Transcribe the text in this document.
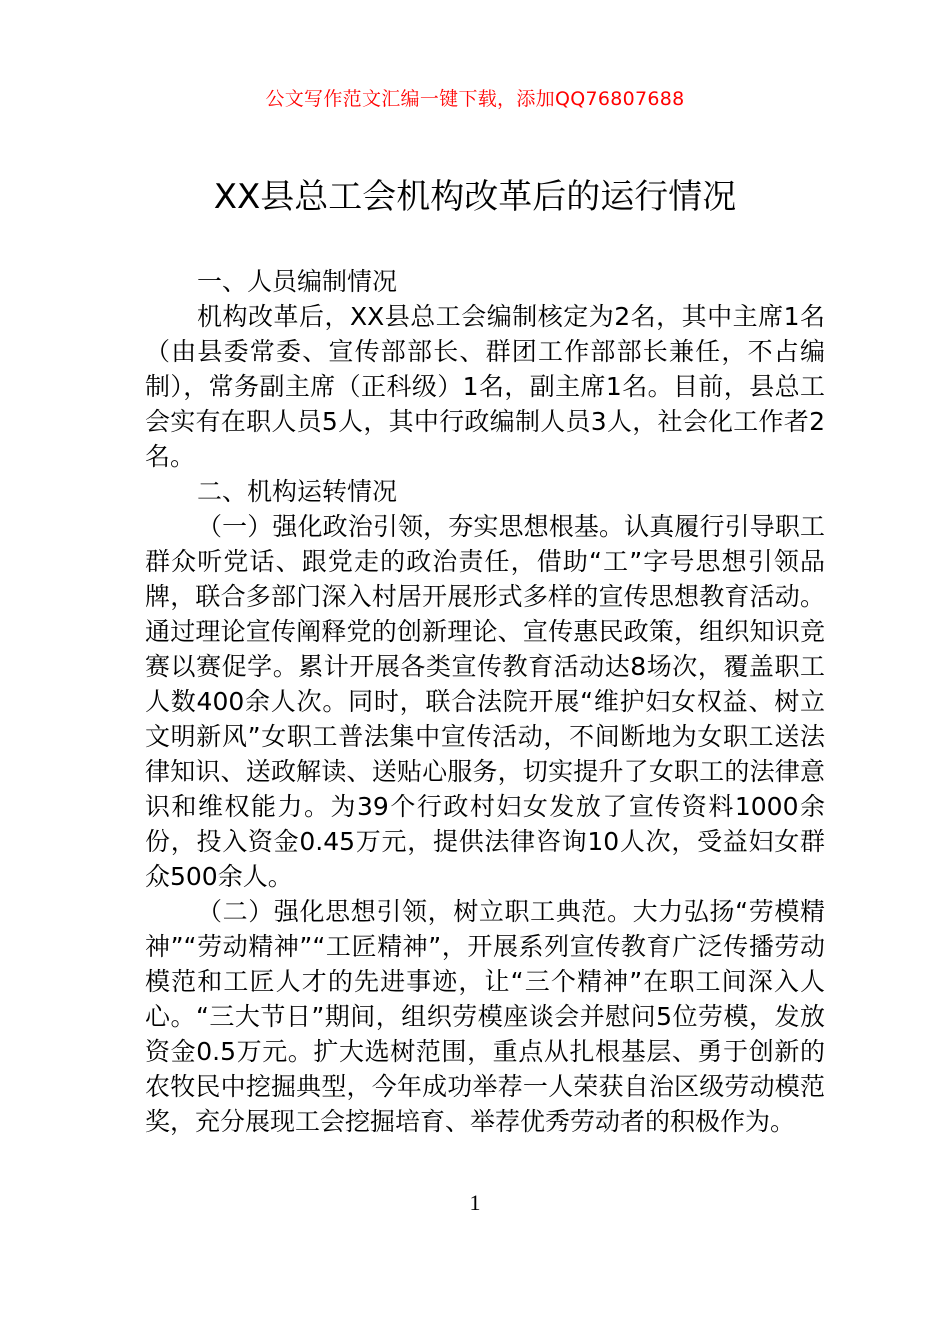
公文写作范文汇编一键下载，添加QQ76807688
XX县总工会机构改革后的运行情况

一、人员编制情况

机构改革后，XX县总工会编制核定为2名，其中主席1名（由县委常委、宣传部部长、群团工作部部长兼任，不占编制），常务副主席（正科级）1名，副主席1名。目前，县总工会实有在职人员5人，其中行政编制人员3人，社会化工作者2名。

二、机构运转情况

（一）强化政治引领，夯实思想根基。认真履行引导职工群众听党话、跟党走的政治责任，借助“工”字号思想引领品牌，联合多部门深入村居开展形式多样的宣传思想教育活动。通过理论宣传阐释党的创新理论、宣传惠民政策，组织知识竞赛以赛促学。累计开展各类宣传教育活动达8场次，覆盖职工人数400余人次。同时，联合法院开展“维护妇女权益、树立文明新风”女职工普法集中宣传活动，不间断地为女职工送法律知识、送政解读、送贴心服务，切实提升了女职工的法律意识和维权能力。为39个行政村妇女发放了宣传资料1000余份，投入资金0.45万元，提供法律咨询10人次，受益妇女群众500余人。

（二）强化思想引领，树立职工典范。大力弘扬“劳模精神”“劳动精神”“工匠精神”，开展系列宣传教育广泛传播劳动模范和工匠人才的先进事迹，让“三个精神”在职工间深入人心。“三大节日”期间，组织劳模座谈会并慰问5位劳模，发放资金0.5万元。扩大选树范围，重点从扎根基层、勇于创新的农牧民中挖掘典型，今年成功举荐一人荣获自治区级劳动模范奖，充分展现工会挖掘培育、举荐优秀劳动者的积极作为。

1
